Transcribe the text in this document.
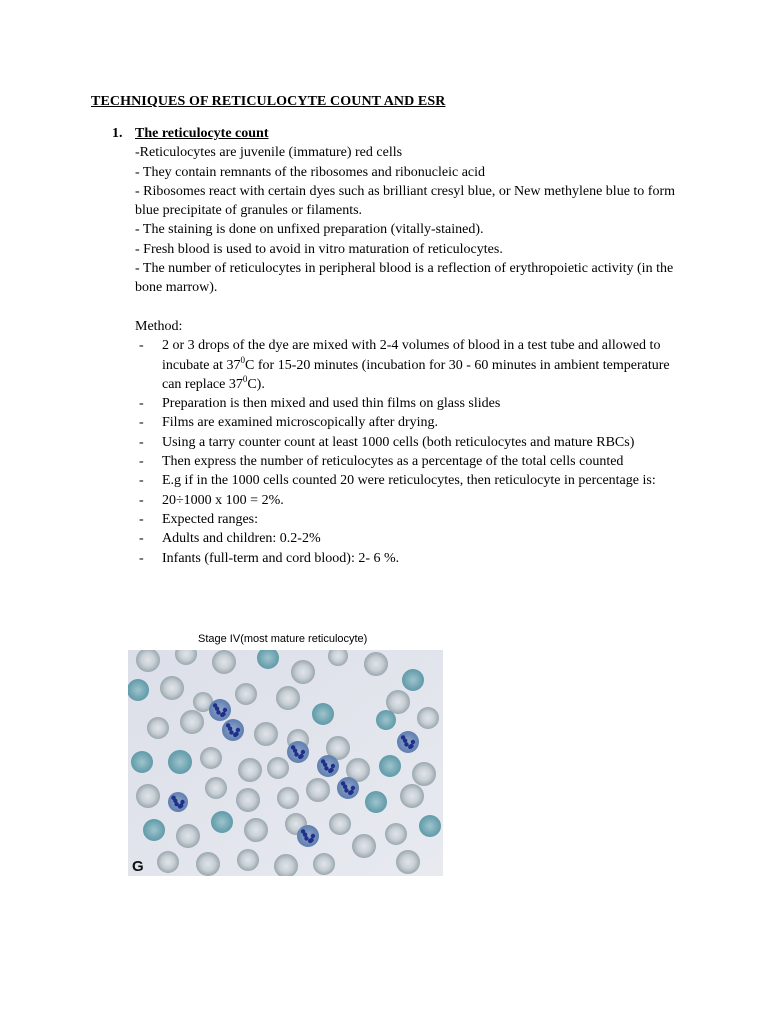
TECHNIQUES OF RETICULOCYTE COUNT AND ESR
1. The reticulocyte count
-Reticulocytes are juvenile (immature) red cells
- They contain remnants of the ribosomes and ribonucleic acid
- Ribosomes react with certain dyes such as brilliant cresyl blue, or New methylene blue to form blue precipitate of granules or filaments.
- The staining is done on unfixed preparation (vitally-stained).
- Fresh blood is used to avoid in vitro maturation of reticulocytes.
- The number of reticulocytes in peripheral blood is a reflection of erythropoietic activity (in the bone marrow).
Method:
-	2 or 3 drops of the dye are mixed with 2-4 volumes of blood in a test tube and allowed to incubate at $37^0C$ for 15-20 minutes (incubation for 30 - 60 minutes in ambient temperature can replace $37^0C$).
-	Preparation is then mixed and used thin films on glass slides
-	Films are examined microscopically after drying.
-	Using a tarry counter count at least 1000 cells (both reticulocytes and mature RBCs)
-	Then express the number of reticulocytes as a percentage of the total cells counted
-	E.g if in the 1000 cells counted 20 were reticulocytes, then reticulocyte in percentage is:
-	20÷1000 x 100 = 2%.
-	Expected ranges:
-	Adults and children: 0.2-2%
-	Infants (full-term and cord blood): 2- 6 %.

Stage IV(most mature reticulocyte)

G
